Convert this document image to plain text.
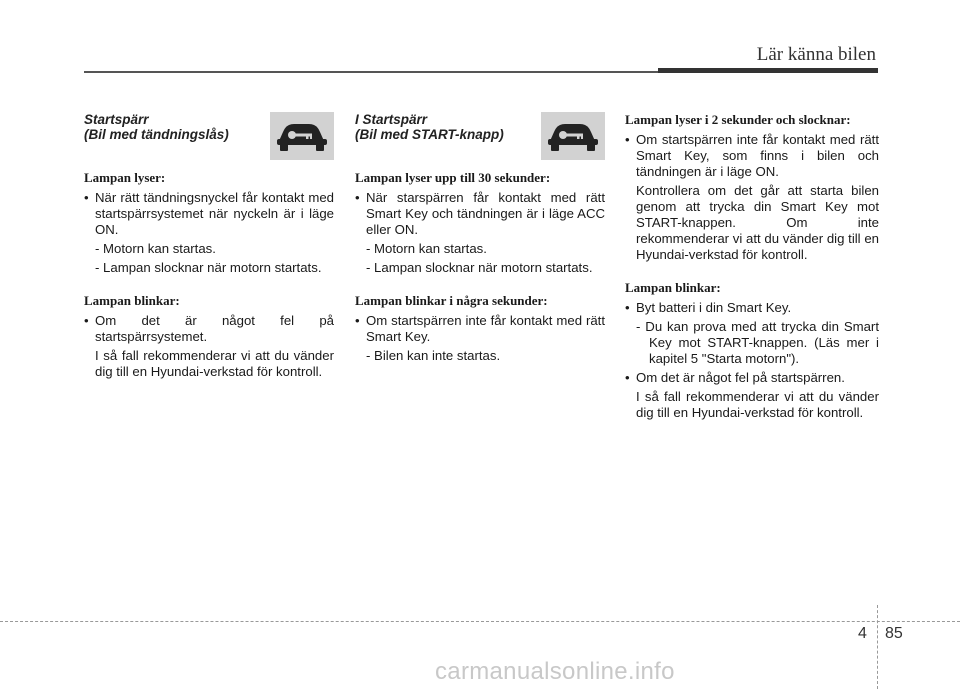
Lär känna bilen
Startspärr
(Bil med tändningslås)
Lampan lyser:
• När rätt tändningsnyckel får kontakt med startspärrsystemet när nyckeln är i läge ON.
- Motorn kan startas.
- Lampan slocknar när motorn startats.
Lampan blinkar:
• Om det är något fel på startspärrsystemet.
I så fall rekommenderar vi att du vänder dig till en Hyundai-verkstad för kontroll.
I Startspärr
(Bil med START-knapp)
Lampan lyser upp till 30 sekunder:
• När starspärren får kontakt med rätt Smart Key och tändningen är i läge ACC eller ON.
- Motorn kan startas.
- Lampan slocknar när motorn startats.
Lampan blinkar i några sekunder:
• Om startspärren inte får kontakt med rätt Smart Key.
- Bilen kan inte startas.
Lampan lyser i 2 sekunder och slocknar:
• Om startspärren inte får kontakt med rätt Smart Key, som finns i bilen och tändningen är i läge ON.
Kontrollera om det går att starta bilen genom att trycka din Smart Key mot START-knappen. Om inte rekommenderar vi att du vänder dig till en Hyundai-verkstad för kontroll.
Lampan blinkar:
• Byt batteri i din Smart Key.
- Du kan prova med att trycka din Smart Key mot START-knappen. (Läs mer i kapitel 5 "Starta motorn").
• Om det är något fel på startspärren.
I så fall rekommenderar vi att du vänder dig till en Hyundai-verkstad för kontroll.
4 85
carmanualsonline.info
